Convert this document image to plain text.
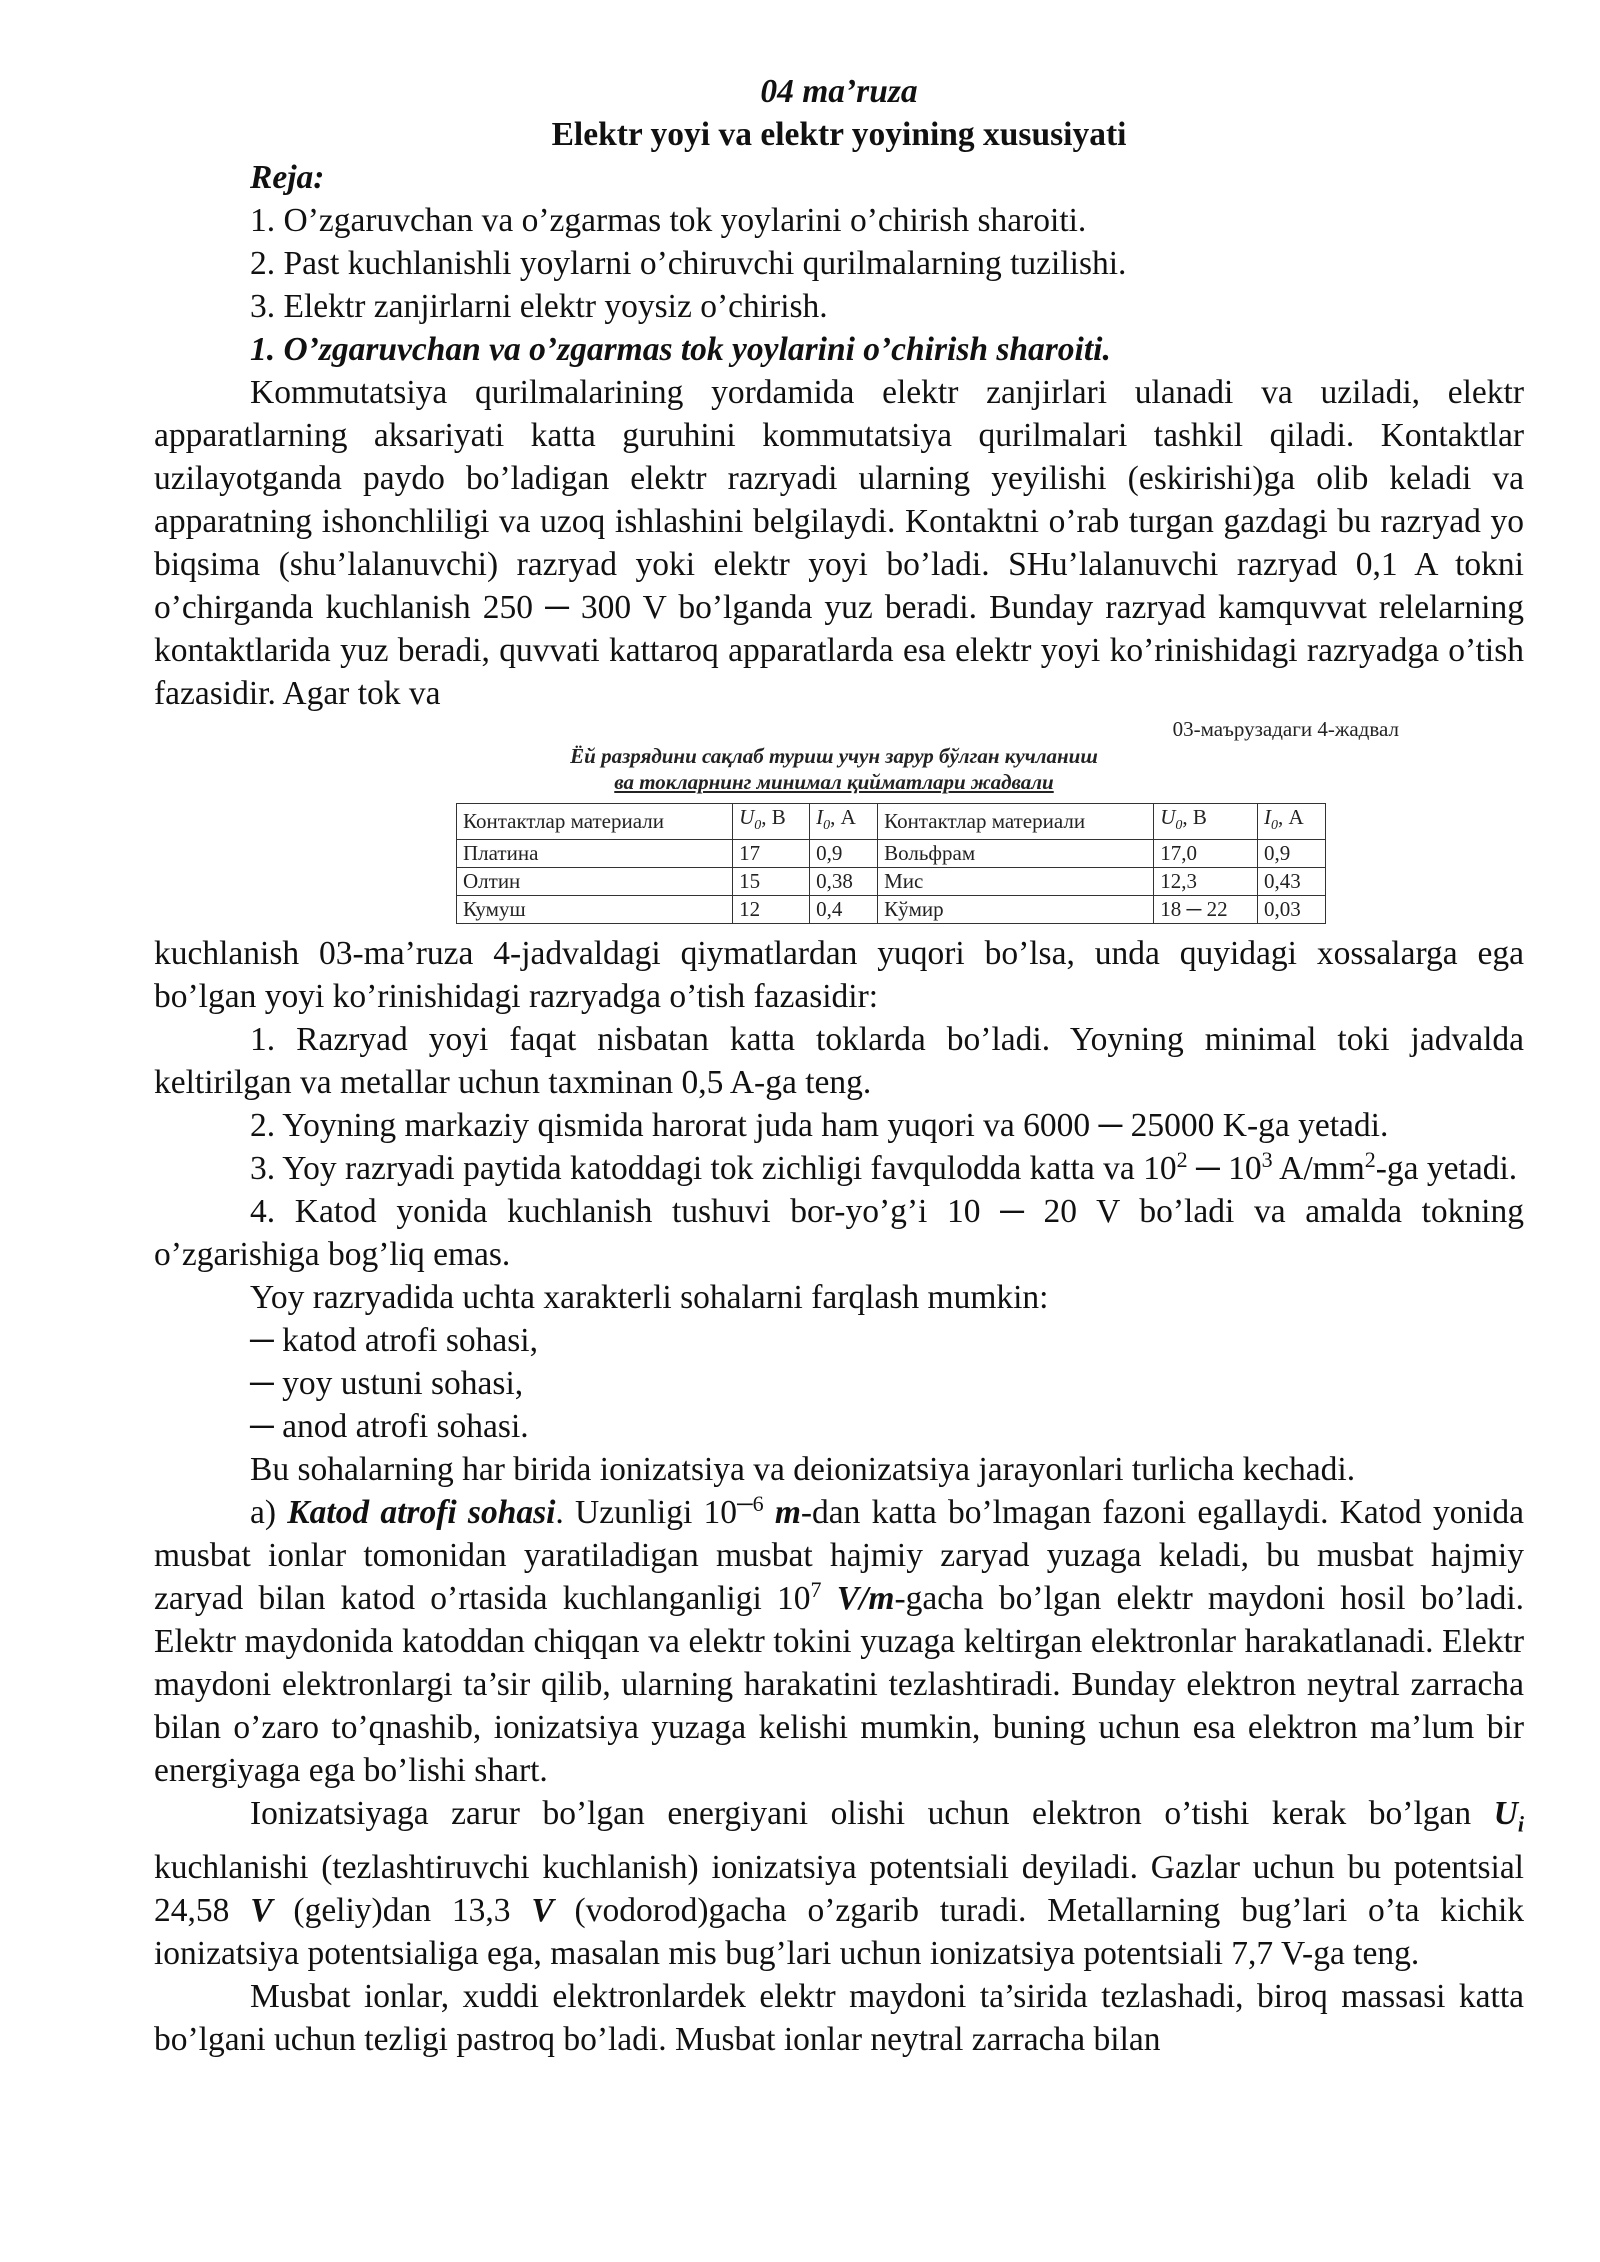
04 ma’ruza

Elektr yoyi va elektr yoyining xususiyati

Reja:

1. O’zgaruvchan va o’zgarmas tok yoylarini o’chirish sharoiti.

2. Past kuchlanishli yoylarni o’chiruvchi qurilmalarning tuzilishi.

3. Elektr zanjirlarni elektr yoysiz o’chirish.

1. O’zgaruvchan va o’zgarmas tok yoylarini o’chirish sharoiti.

Kommutatsiya qurilmalarining yordamida elektr zanjirlari ulanadi va uziladi, elektr apparatlarning aksariyati katta guruhini kommutatsiya qurilmalari tashkil qiladi. Kontaktlar uzilayotganda paydo bo’ladigan elektr razryadi ularning yeyilishi (eskirishi)ga olib keladi va apparatning ishonchliligi va uzoq ishlashini belgilaydi. Kontaktni o’rab turgan gazdagi bu razryad yo biqsima (shu’lalanuvchi) razryad yoki elektr yoyi bo’ladi. SHu’lalanuvchi razryad 0,1 A tokni o’chirganda kuchlanish 250 ─ 300 V bo’lganda yuz beradi. Bunday razryad kamquvvat relelarning kontaktlarida yuz beradi, quvvati kattaroq apparatlarda esa elektr yoyi ko’rinishidagi razryadga o’tish fazasidir. Agar tok va

03-маърузадаги 4-жадвал
Ёй разрядини сақлаб туриш учун зарур бўлган кучланиш
ва токларнинг минимал қийматлари жадвали
Контактлар материали	$U_0$, В	$I_0$, А	Контактлар материали	$U_0$, В	$I_0$, А
Платина	17	0,9	Вольфрам	17,0	0,9
Олтин	15	0,38	Мис	12,3	0,43
Кумуш	12	0,4	Кўмир	18 ─ 22	0,03

kuchlanish 03-ma’ruza 4-jadvaldagi qiymatlardan yuqori bo’lsa, unda quyidagi xossalarga ega bo’lgan yoyi ko’rinishidagi razryadga o’tish fazasidir:

1. Razryad yoyi faqat nisbatan katta toklarda bo’ladi. Yoyning minimal toki jadvalda keltirilgan va metallar uchun taxminan 0,5 A-ga teng.

2. Yoyning markaziy qismida harorat juda ham yuqori va 6000 ─ 25000 K-ga yetadi.

3. Yoy razryadi paytida katoddagi tok zichligi favqulodda katta va $10^2$ ─ $10^3$ $A/mm^2-ga$ yetadi.

4. Katod yonida kuchlanish tushuvi bor-yo’g’i 10 ─ 20 V bo’ladi va amalda tokning o’zgarishiga bog’liq emas.

Yoy razryadida uchta xarakterli sohalarni farqlash mumkin:

─ katod atrofi sohasi,

─ yoy ustuni sohasi,

─ anod atrofi sohasi.

Bu sohalarning har birida ionizatsiya va deionizatsiya jarayonlari turlicha kechadi.

a) Katod atrofi sohasi. Uzunligi $10^{─6}$ m-dan katta bo’lmagan fazoni egallaydi. Katod yonida musbat ionlar tomonidan yaratiladigan musbat hajmiy zaryad yuzaga keladi, bu musbat hajmiy zaryad bilan katod o’rtasida kuchlanganligi $10^7$ V/m-gacha bo’lgan elektr maydoni hosil bo’ladi. Elektr maydonida katoddan chiqqan va elektr tokini yuzaga keltirgan elektronlar harakatlanadi. Elektr maydoni elektronlargi ta’sir qilib, ularning harakatini tezlashtiradi. Bunday elektron neytral zarracha bilan o’zaro to’qnashib, ionizatsiya yuzaga kelishi mumkin, buning uchun esa elektron ma’lum bir energiyaga ega bo’lishi shart.

Ionizatsiyaga zarur bo’lgan energiyani olishi uchun elektron o’tishi kerak bo’lgan $U_i$ kuchlanishi (tezlashtiruvchi kuchlanish) ionizatsiya potentsiali deyiladi. Gazlar uchun bu potentsial 24,58 V (geliy)dan 13,3 V (vodorod)gacha o’zgarib turadi. Metallarning bug’lari o’ta kichik ionizatsiya potentsialiga ega, masalan mis bug’lari uchun ionizatsiya potentsiali 7,7 V-ga teng.

Musbat ionlar, xuddi elektronlardek elektr maydoni ta’sirida tezlashadi, biroq massasi katta bo’lgani uchun tezligi pastroq bo’ladi. Musbat ionlar neytral zarracha bilan
